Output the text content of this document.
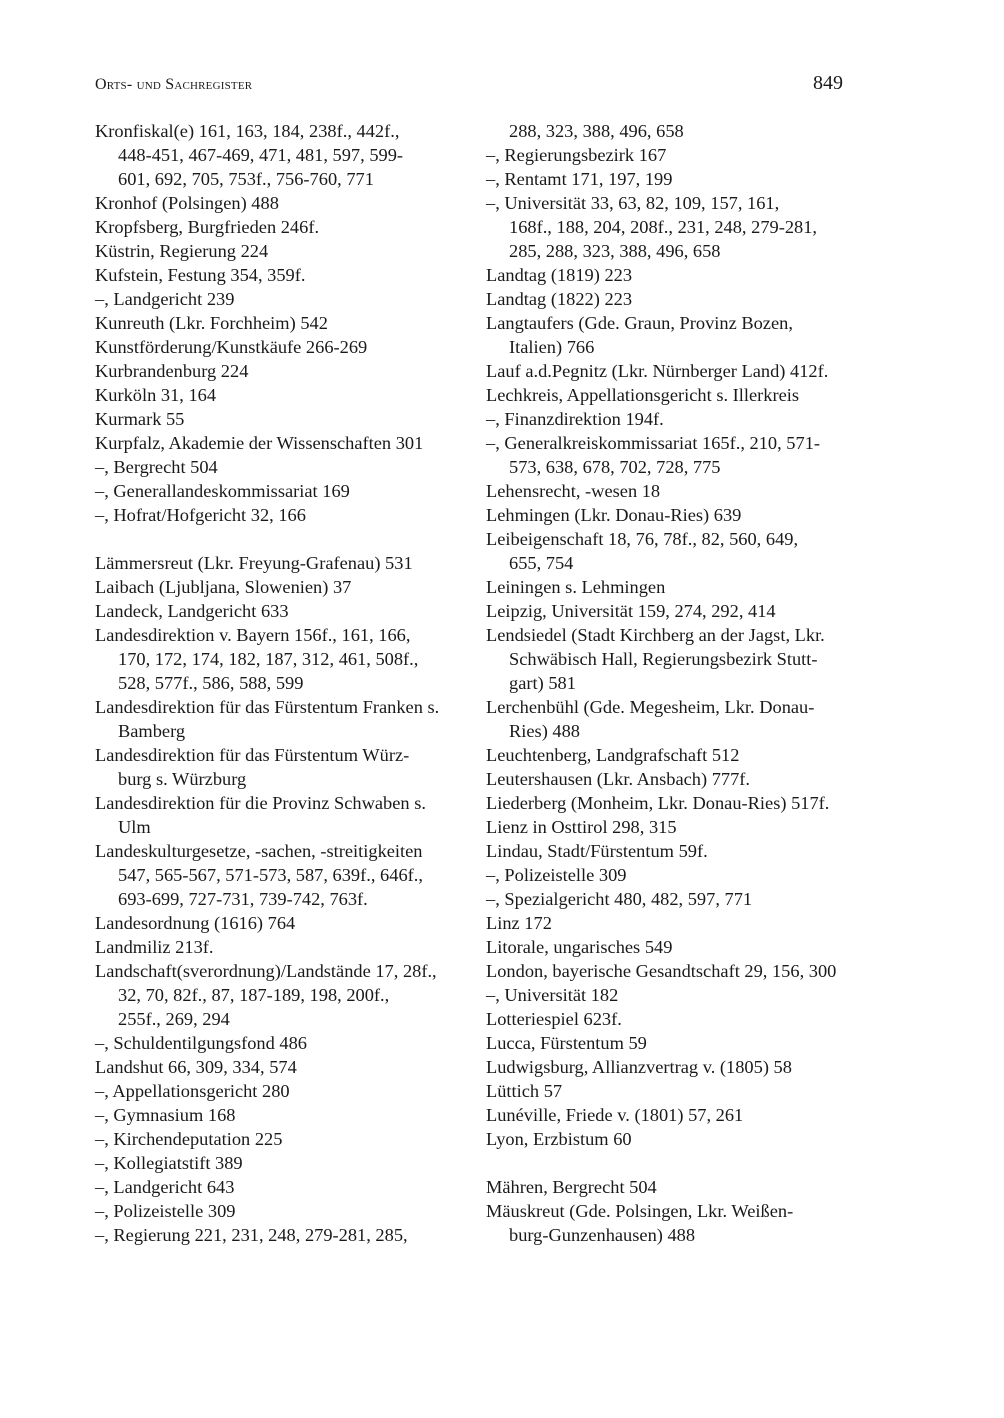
Orts- und Sachregister	849

Kronfiskal(e) 161, 163, 184, 238f., 442f.,
448-451, 467-469, 471, 481, 597, 599-
601, 692, 705, 753f., 756-760, 771

Kronhof (Polsingen) 488

Kropfsberg, Burgfrieden 246f.

Küstrin, Regierung 224

Kufstein, Festung 354, 359f.

–, Landgericht 239

Kunreuth (Lkr. Forchheim) 542

Kunstförderung/Kunstkäufe 266-269

Kurbrandenburg 224

Kurköln 31, 164

Kurmark 55

Kurpfalz, Akademie der Wissenschaften 301

–, Bergrecht 504

–, Generallandeskommissariat 169

–, Hofrat/Hofgericht 32, 166

Lämmersreut (Lkr. Freyung-Grafenau) 531

Laibach (Ljubljana, Slowenien) 37

Landeck, Landgericht 633

Landesdirektion v. Bayern 156f., 161, 166,
170, 172, 174, 182, 187, 312, 461, 508f.,
528, 577f., 586, 588, 599

Landesdirektion für das Fürstentum Franken s.
Bamberg

Landesdirektion für das Fürstentum Würz-
burg s. Würzburg

Landesdirektion für die Provinz Schwaben s.
Ulm

Landeskulturgesetze, -sachen, -streitigkeiten
547, 565-567, 571-573, 587, 639f., 646f.,
693-699, 727-731, 739-742, 763f.

Landesordnung (1616) 764

Landmiliz 213f.

Landschaft(sverordnung)/Landstände 17, 28f.,
32, 70, 82f., 87, 187-189, 198, 200f.,
255f., 269, 294

–, Schuldentilgungsfond 486

Landshut 66, 309, 334, 574

–, Appellationsgericht 280

–, Gymnasium 168

–, Kirchendeputation 225

–, Kollegiatstift 389

–, Landgericht 643

–, Polizeistelle 309

–, Regierung 221, 231, 248, 279-281, 285,

288, 323, 388, 496, 658

–, Regierungsbezirk 167

–, Rentamt 171, 197, 199

–, Universität 33, 63, 82, 109, 157, 161,
168f., 188, 204, 208f., 231, 248, 279-281,
285, 288, 323, 388, 496, 658

Landtag (1819) 223

Landtag (1822) 223

Langtaufers (Gde. Graun, Provinz Bozen,
Italien) 766

Lauf a.d.Pegnitz (Lkr. Nürnberger Land) 412f.

Lechkreis, Appellationsgericht s. Illerkreis

–, Finanzdirektion 194f.

–, Generalkreiskommissariat 165f., 210, 571-
573, 638, 678, 702, 728, 775

Lehensrecht, -wesen 18

Lehmingen (Lkr. Donau-Ries) 639

Leibeigenschaft 18, 76, 78f., 82, 560, 649,
655, 754

Leiningen s. Lehmingen

Leipzig, Universität 159, 274, 292, 414

Lendsiedel (Stadt Kirchberg an der Jagst, Lkr.
Schwäbisch Hall, Regierungsbezirk Stutt-
gart) 581

Lerchenbühl (Gde. Megesheim, Lkr. Donau-
Ries) 488

Leuchtenberg, Landgrafschaft 512

Leutershausen (Lkr. Ansbach) 777f.

Liederberg (Monheim, Lkr. Donau-Ries) 517f.

Lienz in Osttirol 298, 315

Lindau, Stadt/Fürstentum 59f.

–, Polizeistelle 309

–, Spezialgericht 480, 482, 597, 771

Linz 172

Litorale, ungarisches 549

London, bayerische Gesandtschaft 29, 156, 300

–, Universität 182

Lotteriespiel 623f.

Lucca, Fürstentum 59

Ludwigsburg, Allianzvertrag v. (1805) 58

Lüttich 57

Lunéville, Friede v. (1801) 57, 261

Lyon, Erzbistum 60

Mähren, Bergrecht 504

Mäuskreut (Gde. Polsingen, Lkr. Weißen-
burg-Gunzenhausen) 488
